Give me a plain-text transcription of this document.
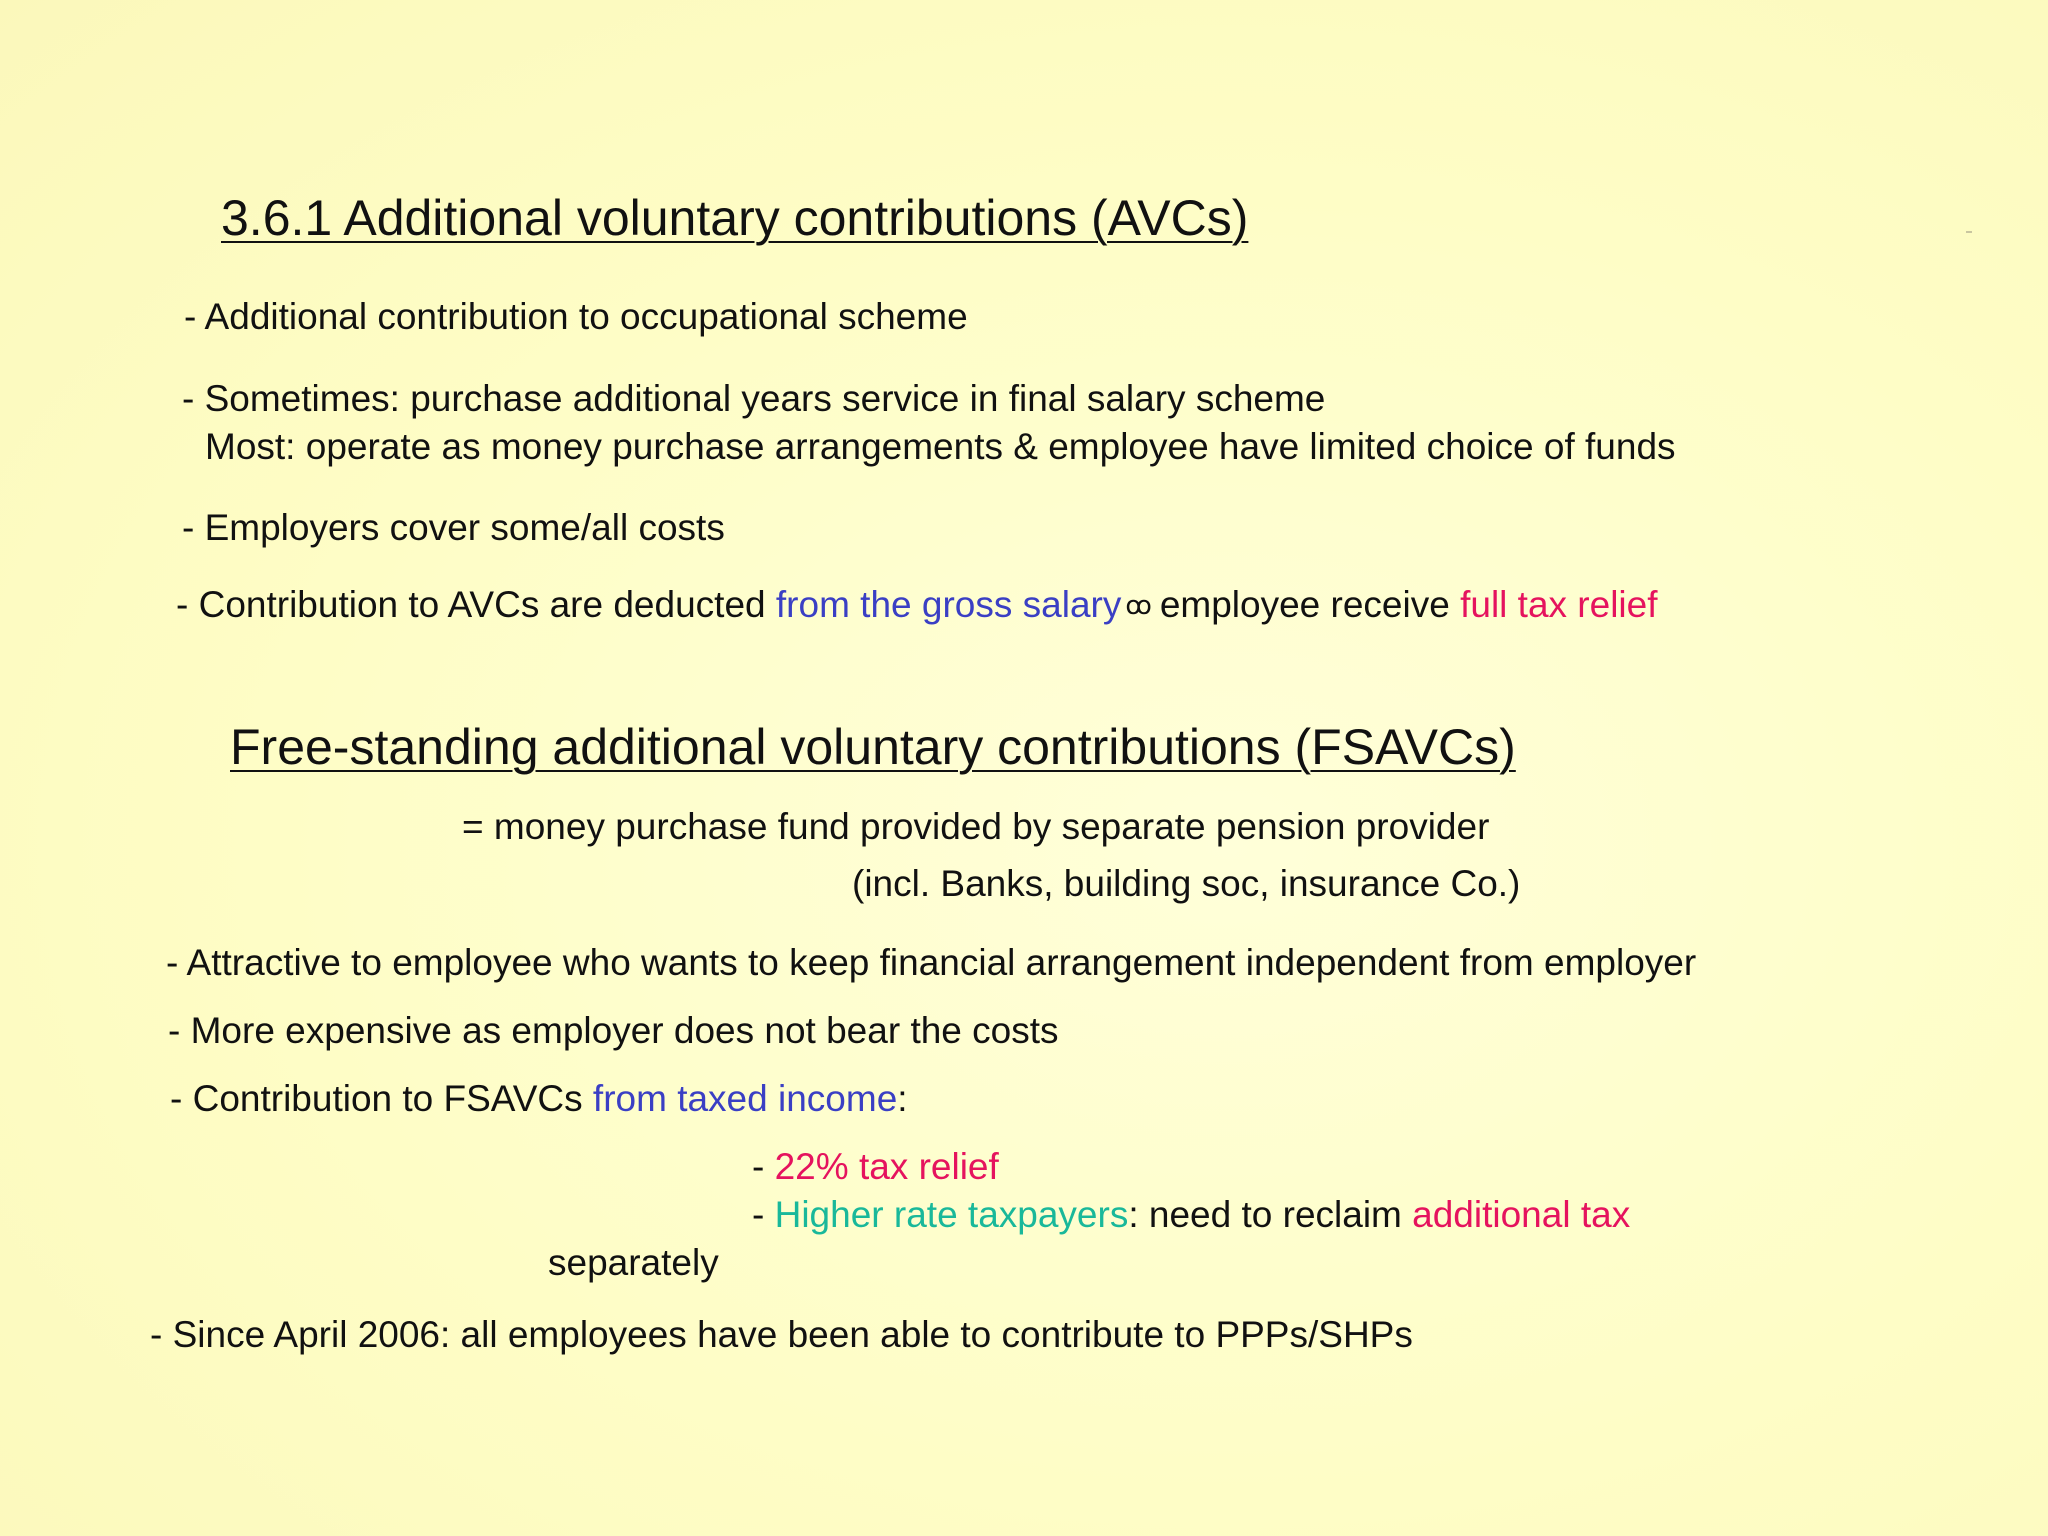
3.6.1 Additional voluntary contributions (AVCs)
- Additional contribution to occupational scheme
- Sometimes: purchase additional years service in final salary scheme
Most: operate as money purchase arrangements & employee have limited choice of funds
- Employers cover some/all costs
- Contribution to AVCs are deducted from the gross salary ꝏ employee receive full tax relief
Free-standing additional voluntary contributions (FSAVCs)
= money purchase fund provided by separate pension provider
(incl. Banks, building soc, insurance Co.)
- Attractive to employee who wants to keep financial arrangement independent from employer
- More expensive as employer does not bear the costs
- Contribution to FSAVCs from taxed income:
- 22% tax relief
- Higher rate taxpayers: need to reclaim additional tax
separately
- Since April 2006: all employees have been able to contribute to PPPs/SHPs
